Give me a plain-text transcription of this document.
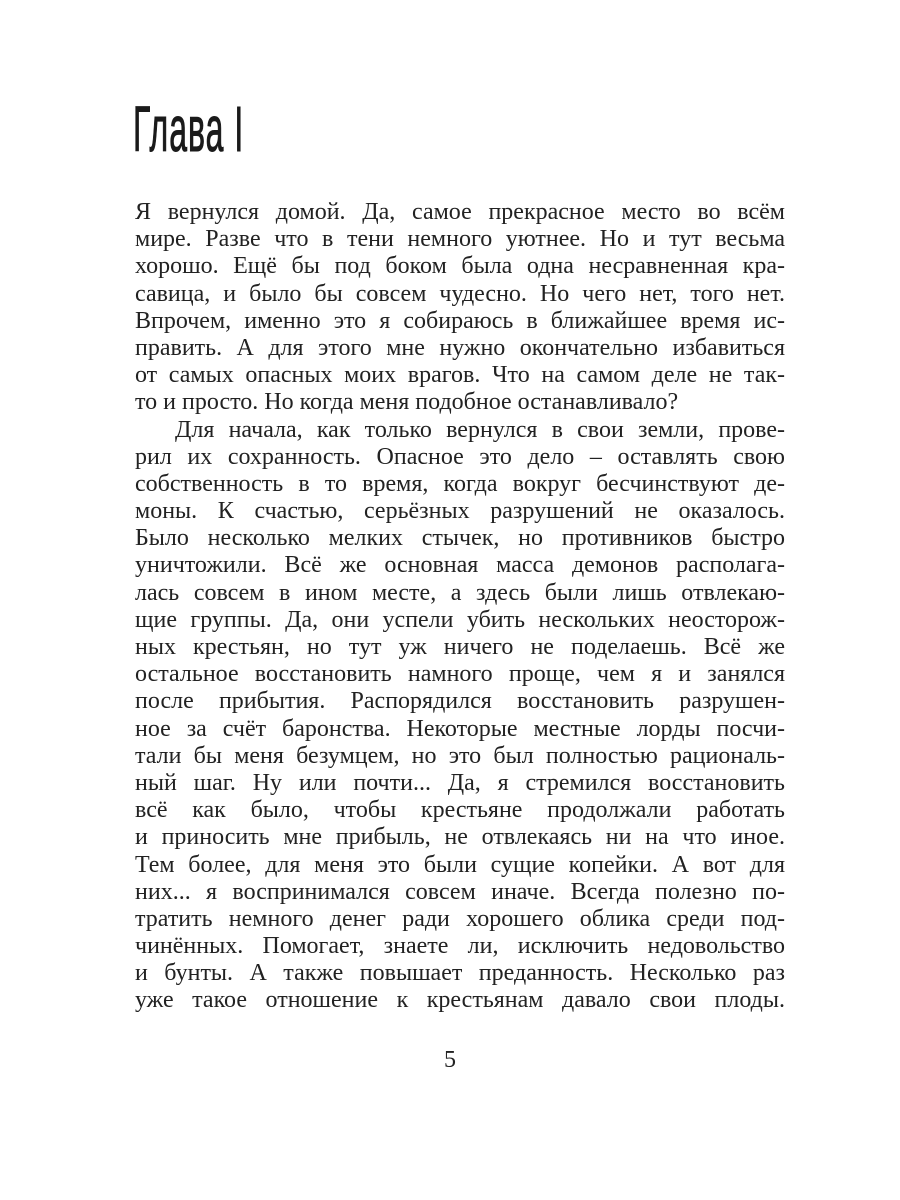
Глава I
Я вернулся домой. Да, самое прекрасное место во всём
мире. Разве что в тени немного уютнее. Но и тут весьма
хорошо. Ещё бы под боком была одна несравненная кра-
савица, и было бы совсем чудесно. Но чего нет, того нет.
Впрочем, именно это я собираюсь в ближайшее время ис-
править. А для этого мне нужно окончательно избавиться
от самых опасных моих врагов. Что на самом деле не так-
то и просто. Но когда меня подобное останавливало?
Для начала, как только вернулся в свои земли, прове-
рил их сохранность. Опасное это дело – оставлять свою
собственность в то время, когда вокруг бесчинствуют де-
моны. К счастью, серьёзных разрушений не оказалось.
Было несколько мелких стычек, но противников быстро
уничтожили. Всё же основная масса демонов располага-
лась совсем в ином месте, а здесь были лишь отвлекаю-
щие группы. Да, они успели убить нескольких неосторож-
ных крестьян, но тут уж ничего не поделаешь. Всё же
остальное восстановить намного проще, чем я и занялся
после прибытия. Распорядился восстановить разрушен-
ное за счёт баронства. Некоторые местные лорды посчи-
тали бы меня безумцем, но это был полностью рациональ-
ный шаг. Ну или почти... Да, я стремился восстановить
всё как было, чтобы крестьяне продолжали работать
и приносить мне прибыль, не отвлекаясь ни на что иное.
Тем более, для меня это были сущие копейки. А вот для
них... я воспринимался совсем иначе. Всегда полезно по-
тратить немного денег ради хорошего облика среди под-
чинённых. Помогает, знаете ли, исключить недовольство
и бунты. А также повышает преданность. Несколько раз
уже такое отношение к крестьянам давало свои плоды.
5
